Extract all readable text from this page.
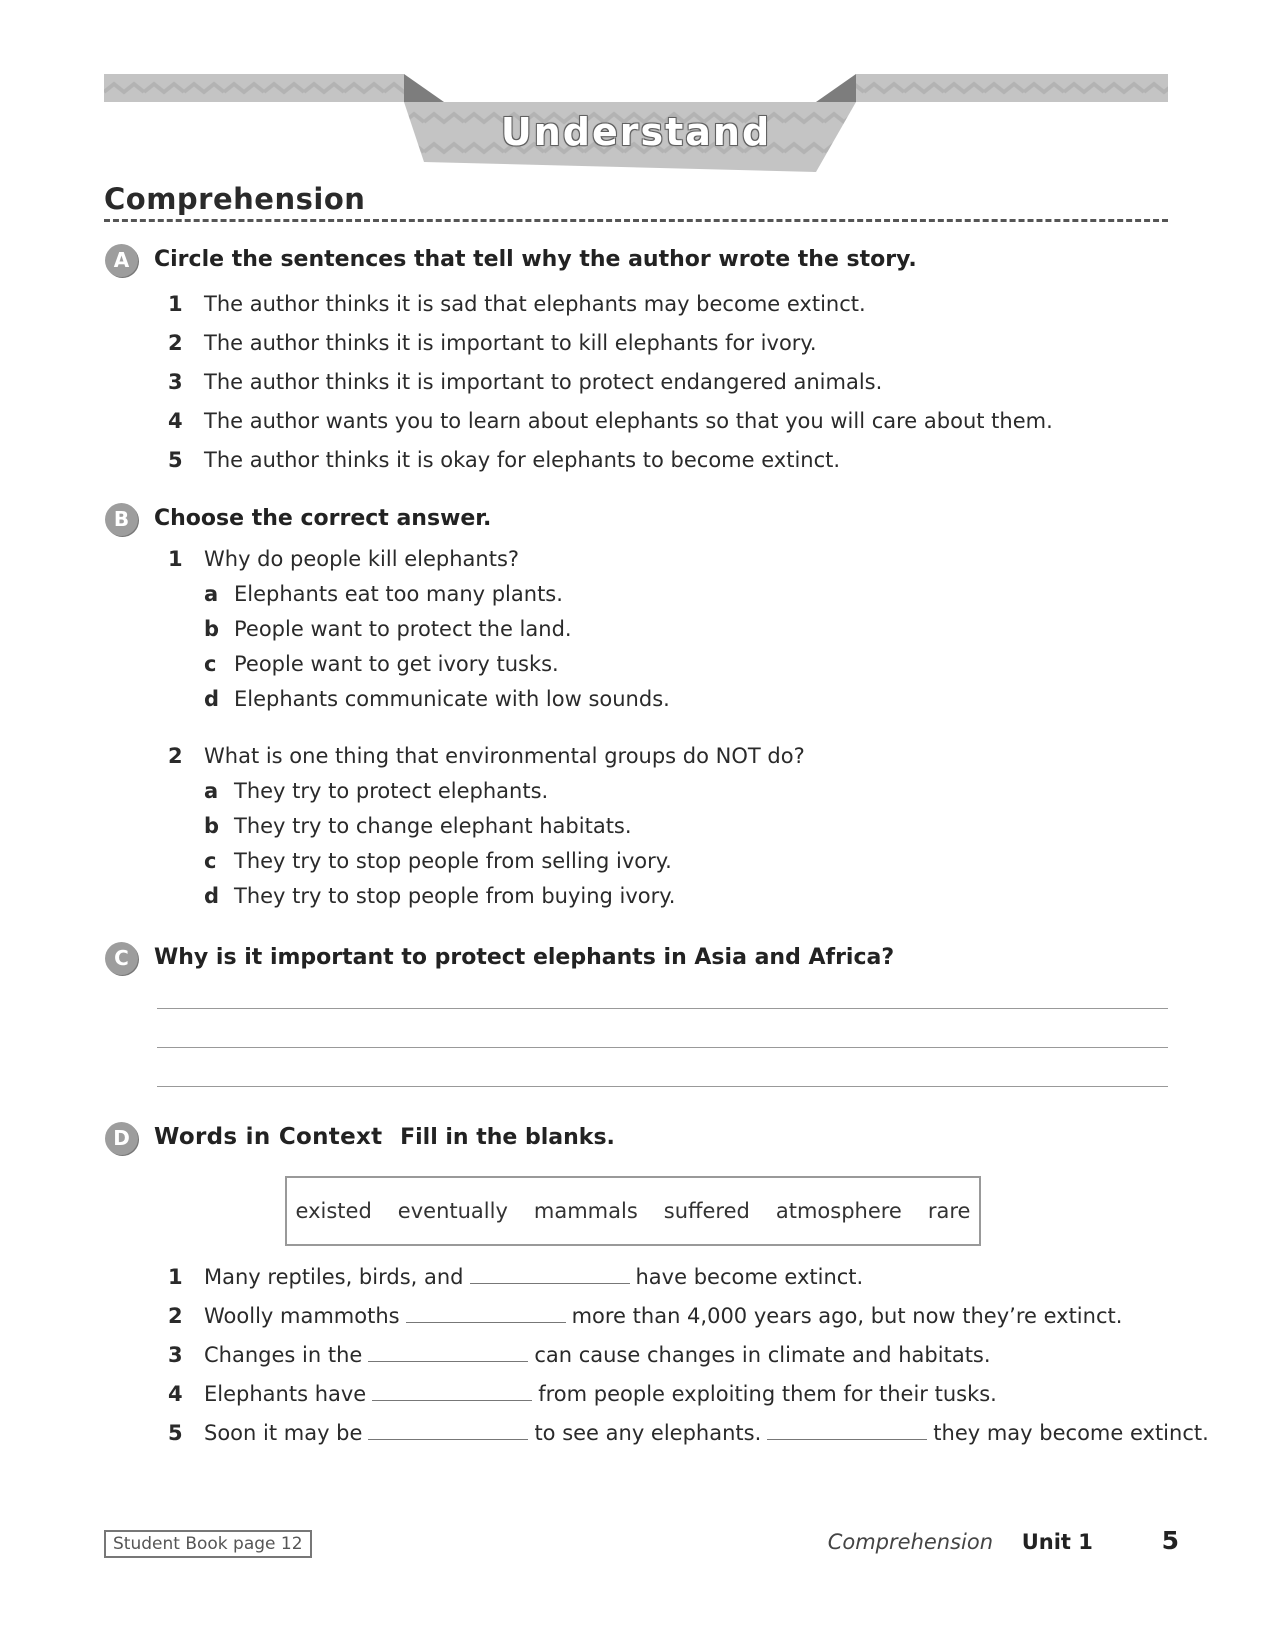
Understand
Comprehension
A	Circle the sentences that tell why the author wrote the story.
1 The author thinks it is sad that elephants may become extinct.
2 The author thinks it is important to kill elephants for ivory.
3 The author thinks it is important to protect endangered animals.
4 The author wants you to learn about elephants so that you will care about them.
5 The author thinks it is okay for elephants to become extinct.
B	Choose the correct answer.
1 Why do people kill elephants?
a Elephants eat too many plants.
b People want to protect the land.
c People want to get ivory tusks.
d Elephants communicate with low sounds.
2 What is one thing that environmental groups do NOT do?
a They try to protect elephants.
b They try to change elephant habitats.
c They try to stop people from selling ivory.
d They try to stop people from buying ivory.
C	Why is it important to protect elephants in Asia and Africa?
D	Words in Context Fill in the blanks.
existed eventually mammals suffered atmosphere rare
1 Many reptiles, birds, and	have become extinct.
2 Woolly mammoths	more than 4,000 years ago, but now they’re extinct.
3 Changes in the	can cause changes in climate and habitats.
4 Elephants have	from people exploiting them for their tusks.
5 Soon it may be	to see any elephants.	they may become extinct.
Student Book page 12	Comprehension Unit 1	5
